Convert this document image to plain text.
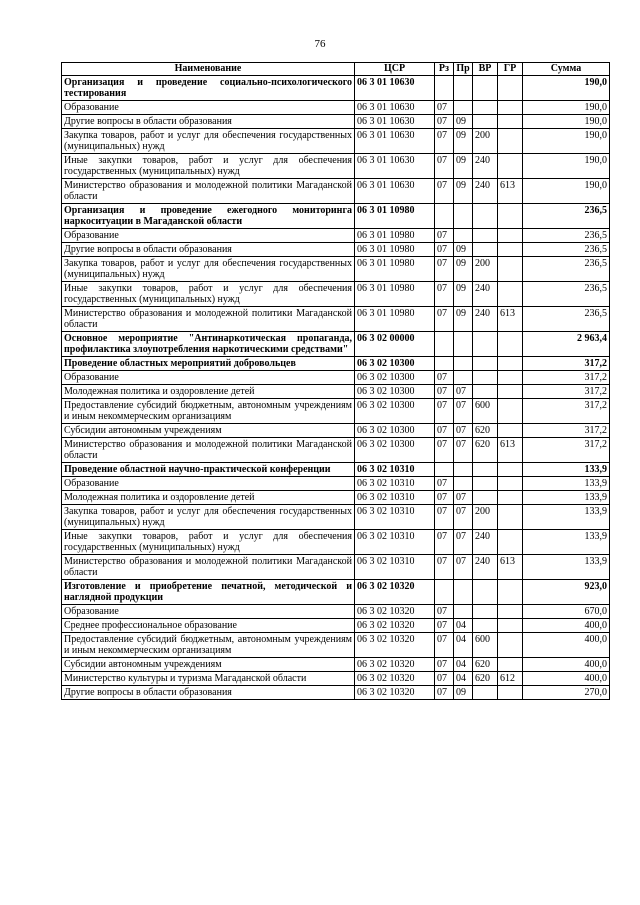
76
Наименование	ЦСР	Рз	Пр	ВР	ГР	Сумма
Организация и проведение социально-психологического тестирования	06 3 01 10630					190,0
Образование	06 3 01 10630	07				190,0
Другие вопросы в области образования	06 3 01 10630	07	09			190,0
Закупка товаров, работ и услуг для обеспечения государственных (муниципальных) нужд	06 3 01 10630	07	09	200		190,0
Иные закупки товаров, работ и услуг для обеспечения государственных (муниципальных) нужд	06 3 01 10630	07	09	240		190,0
Министерство образования и молодежной политики Магаданской области	06 3 01 10630	07	09	240	613	190,0
Организация и проведение ежегодного мониторинга наркоситуации в Магаданской области	06 3 01 10980					236,5
Образование	06 3 01 10980	07				236,5
Другие вопросы в области образования	06 3 01 10980	07	09			236,5
Закупка товаров, работ и услуг для обеспечения государственных (муниципальных) нужд	06 3 01 10980	07	09	200		236,5
Иные закупки товаров, работ и услуг для обеспечения государственных (муниципальных) нужд	06 3 01 10980	07	09	240		236,5
Министерство образования и молодежной политики Магаданской области	06 3 01 10980	07	09	240	613	236,5
Основное мероприятие "Антинаркотическая пропаганда, профилактика злоупотребления наркотическими средствами"	06 3 02 00000					2 963,4
Проведение областных мероприятий добровольцев	06 3 02 10300					317,2
Образование	06 3 02 10300	07				317,2
Молодежная политика и оздоровление детей	06 3 02 10300	07	07			317,2
Предоставление субсидий бюджетным, автономным учреждениям и иным некоммерческим организациям	06 3 02 10300	07	07	600		317,2
Субсидии автономным учреждениям	06 3 02 10300	07	07	620		317,2
Министерство образования и молодежной политики Магаданской области	06 3 02 10300	07	07	620	613	317,2
Проведение областной научно-практической конференции	06 3 02 10310					133,9
Образование	06 3 02 10310	07				133,9
Молодежная политика и оздоровление детей	06 3 02 10310	07	07			133,9
Закупка товаров, работ и услуг для обеспечения государственных (муниципальных) нужд	06 3 02 10310	07	07	200		133,9
Иные закупки товаров, работ и услуг для обеспечения государственных (муниципальных) нужд	06 3 02 10310	07	07	240		133,9
Министерство образования и молодежной политики Магаданской области	06 3 02 10310	07	07	240	613	133,9
Изготовление и приобретение печатной, методической и наглядной продукции	06 3 02 10320					923,0
Образование	06 3 02 10320	07				670,0
Среднее профессиональное образование	06 3 02 10320	07	04			400,0
Предоставление субсидий бюджетным, автономным учреждениям и иным некоммерческим организациям	06 3 02 10320	07	04	600		400,0
Субсидии автономным учреждениям	06 3 02 10320	07	04	620		400,0
Министерство культуры и туризма Магаданской области	06 3 02 10320	07	04	620	612	400,0
Другие вопросы в области образования	06 3 02 10320	07	09			270,0
